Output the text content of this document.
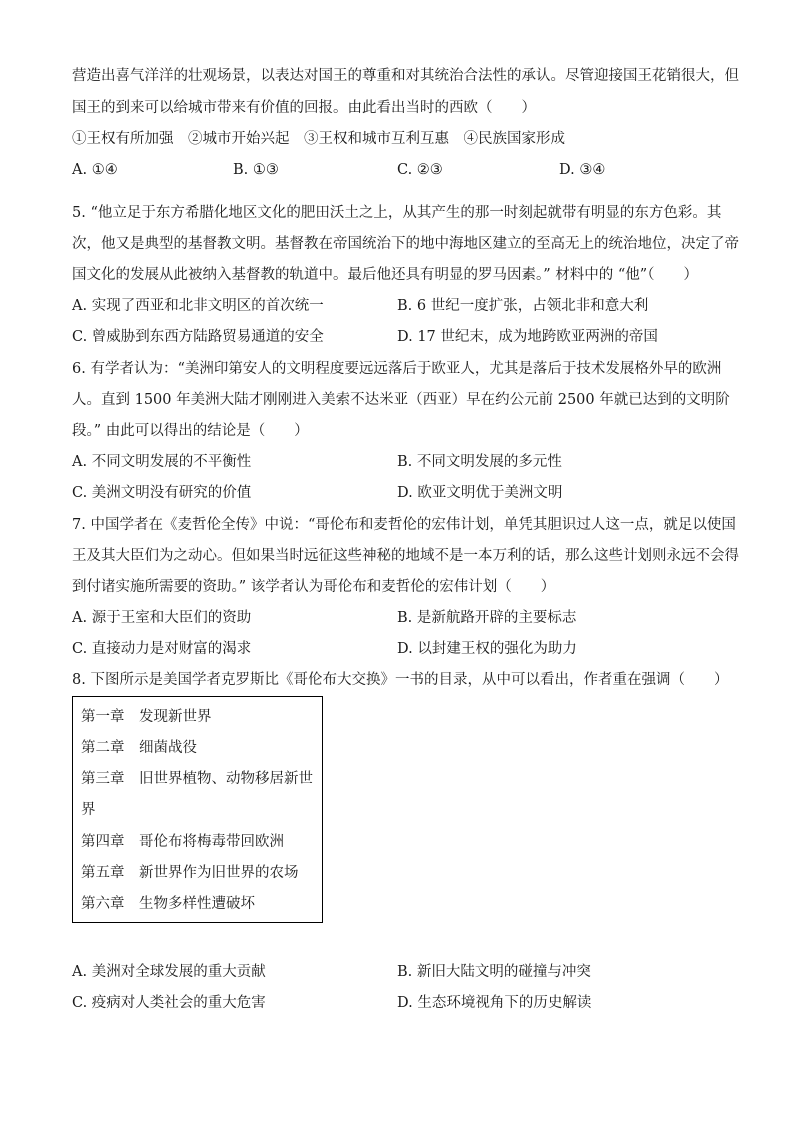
营造出喜气洋洋的壮观场景，以表达对国王的尊重和对其统治合法性的承认。尽管迎接国王花销很大，但
国王的到来可以给城市带来有价值的回报。由此看出当时的西欧（　　）
①王权有所加强　②城市开始兴起　③王权和城市互利互惠　④民族国家形成
A. ①④	B. ①③	C. ②③	D. ③④
5. “他立足于东方希腊化地区文化的肥田沃土之上，从其产生的那一时刻起就带有明显的东方色彩。其
次，他又是典型的基督教文明。基督教在帝国统治下的地中海地区建立的至高无上的统治地位，决定了帝
国文化的发展从此被纳入基督教的轨道中。最后他还具有明显的罗马因素。” 材料中的 “他”（　　）
A. 实现了西亚和北非文明区的首次统一	B. 6 世纪一度扩张，占领北非和意大利
C. 曾威胁到东西方陆路贸易通道的安全	D. 17 世纪末，成为地跨欧亚两洲的帝国
6. 有学者认为：“美洲印第安人的文明程度要远远落后于欧亚人，尤其是落后于技术发展格外早的欧洲
人。直到 1500 年美洲大陆才刚刚进入美索不达米亚（西亚）早在约公元前 2500 年就已达到的文明阶
段。” 由此可以得出的结论是（　　）
A. 不同文明发展的不平衡性	B. 不同文明发展的多元性
C. 美洲文明没有研究的价值	D. 欧亚文明优于美洲文明
7. 中国学者在《麦哲伦全传》中说：“哥伦布和麦哲伦的宏伟计划，单凭其胆识过人这一点，就足以使国
王及其大臣们为之动心。但如果当时远征这些神秘的地域不是一本万利的话，那么这些计划则永远不会得
到付诸实施所需要的资助。” 该学者认为哥伦布和麦哲伦的宏伟计划（　　）
A. 源于王室和大臣们的资助	B. 是新航路开辟的主要标志
C. 直接动力是对财富的渴求	D. 以封建王权的强化为助力
8. 下图所示是美国学者克罗斯比《哥伦布大交换》一书的目录，从中可以看出，作者重在强调（　　）
第一章　发现新世界
第二章　细菌战役
第三章　旧世界植物、动物移居新世
界
第四章　哥伦布将梅毒带回欧洲
第五章　新世界作为旧世界的农场
第六章　生物多样性遭破坏
A. 美洲对全球发展的重大贡献	B. 新旧大陆文明的碰撞与冲突
C. 疫病对人类社会的重大危害	D. 生态环境视角下的历史解读
